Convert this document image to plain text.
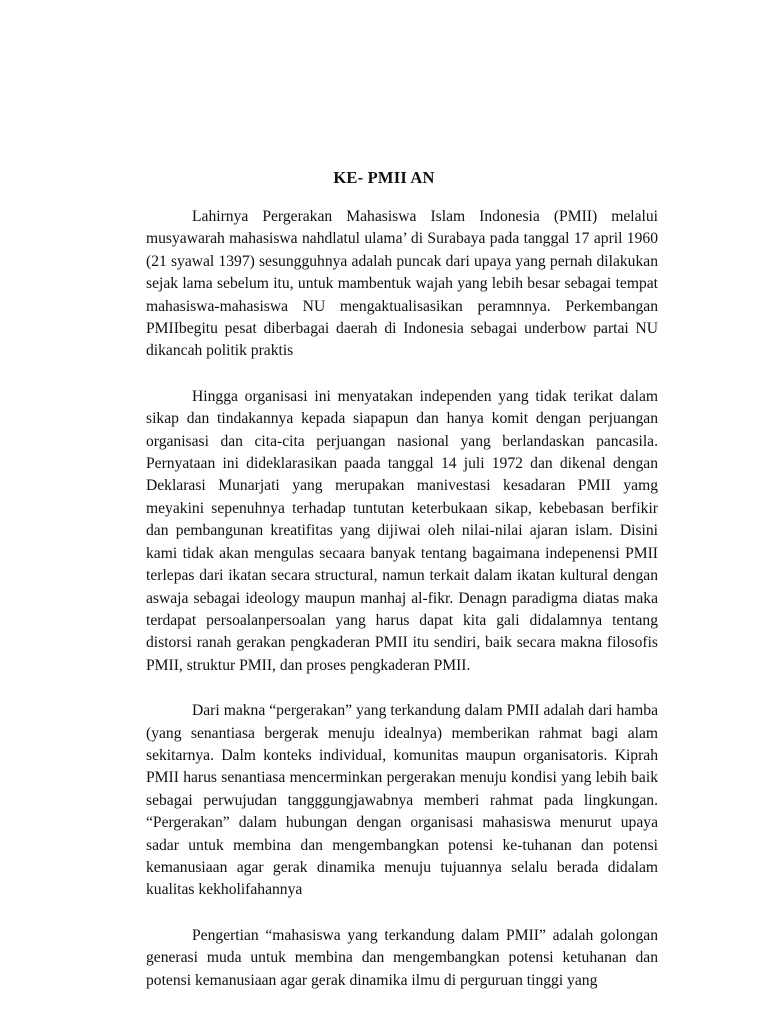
KE- PMII AN

Lahirnya Pergerakan Mahasiswa Islam Indonesia (PMII) melalui musyawarah mahasiswa nahdlatul ulama’ di Surabaya pada tanggal 17 april 1960 (21 syawal 1397) sesungguhnya adalah puncak dari upaya yang pernah dilakukan sejak lama sebelum itu, untuk mambentuk wajah yang lebih besar sebagai tempat mahasiswa-mahasiswa NU mengaktualisasikan peramnnya. Perkembangan PMIIbegitu pesat diberbagai daerah di Indonesia sebagai underbow partai NU dikancah politik praktis

Hingga organisasi ini menyatakan independen yang tidak terikat dalam sikap dan tindakannya kepada siapapun dan hanya komit dengan perjuangan organisasi dan cita-cita perjuangan nasional yang berlandaskan pancasila. Pernyataan ini dideklarasikan paada tanggal 14 juli 1972 dan dikenal dengan Deklarasi Munarjati yang merupakan manivestasi kesadaran PMII yamg meyakini sepenuhnya terhadap tuntutan keterbukaan sikap, kebebasan berfikir dan pembangunan kreatifitas yang dijiwai oleh nilai-nilai ajaran islam. Disini kami tidak akan mengulas secaara banyak tentang bagaimana indepenensi PMII terlepas dari ikatan secara structural, namun terkait dalam ikatan kultural dengan aswaja sebagai ideology maupun manhaj al-fikr. Denagn paradigma diatas maka terdapat persoalanpersoalan yang harus dapat kita gali didalamnya tentang distorsi ranah gerakan pengkaderan PMII itu sendiri, baik secara makna filosofis PMII, struktur PMII, dan proses pengkaderan PMII.

Dari makna “pergerakan” yang terkandung dalam PMII adalah dari hamba (yang senantiasa bergerak menuju idealnya) memberikan rahmat bagi alam sekitarnya. Dalm konteks individual, komunitas maupun organisatoris. Kiprah PMII harus senantiasa mencerminkan pergerakan menuju kondisi yang lebih baik sebagai perwujudan tangggungjawabnya memberi rahmat pada lingkungan. “Pergerakan” dalam hubungan dengan organisasi mahasiswa menurut upaya sadar untuk membina dan mengembangkan potensi ke-tuhanan dan potensi kemanusiaan agar gerak dinamika menuju tujuannya selalu berada didalam kualitas kekholifahannya

Pengertian “mahasiswa yang terkandung dalam PMII” adalah golongan generasi muda untuk membina dan mengembangkan potensi ketuhanan dan potensi kemanusiaan agar gerak dinamika ilmu di perguruan tinggi yang
